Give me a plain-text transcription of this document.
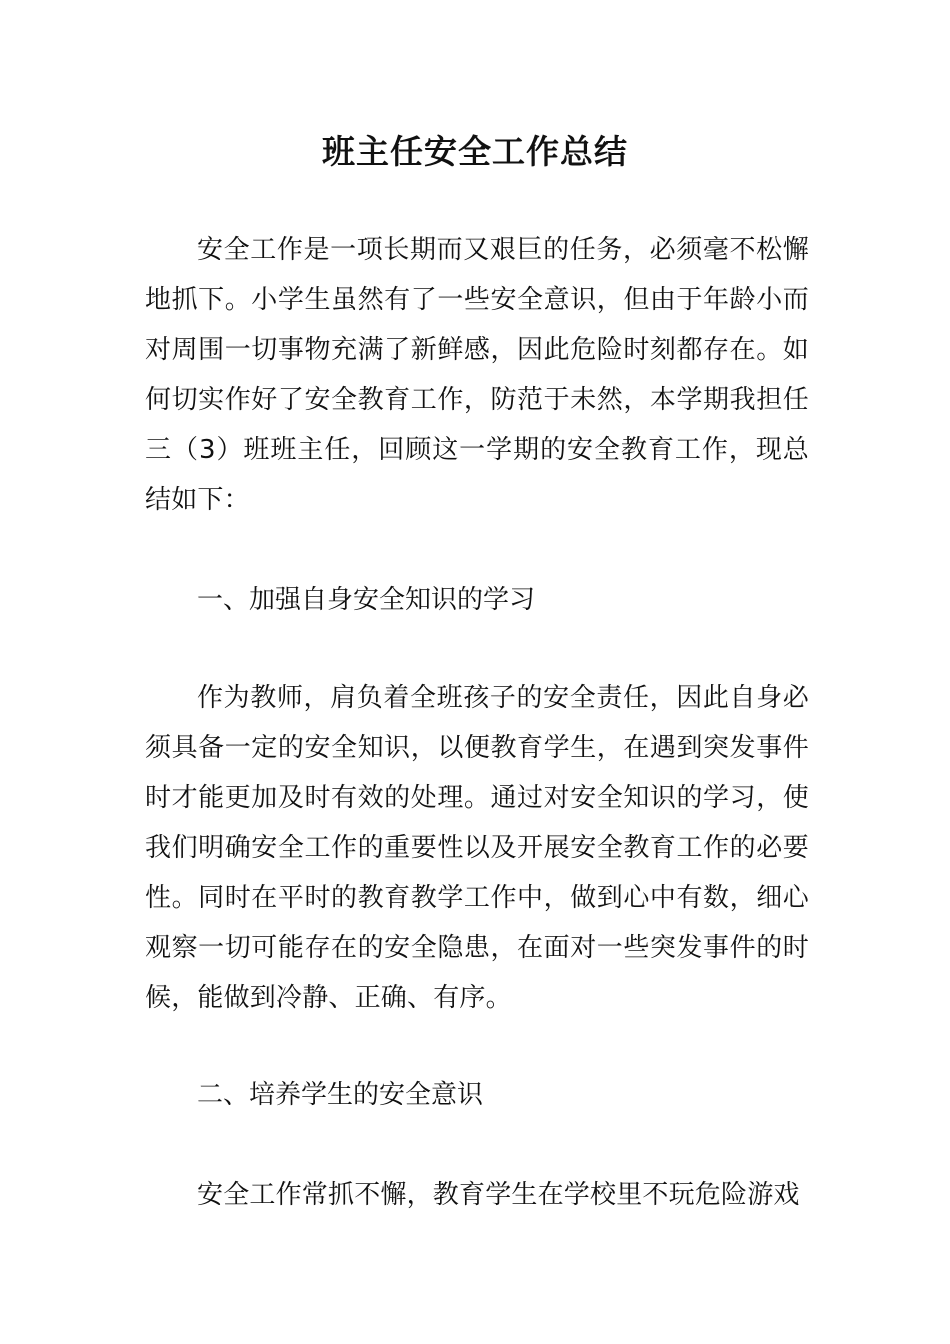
班主任安全工作总结

安全工作是一项长期而又艰巨的任务，必须毫不松懈地抓下。小学生虽然有了一些安全意识，但由于年龄小而对周围一切事物充满了新鲜感，因此危险时刻都存在。如何切实作好了安全教育工作，防范于未然，本学期我担任三（3）班班主任，回顾这一学期的安全教育工作，现总结如下：

一、加强自身安全知识的学习

作为教师，肩负着全班孩子的安全责任，因此自身必须具备一定的安全知识，以便教育学生，在遇到突发事件时才能更加及时有效的处理。通过对安全知识的学习，使我们明确安全工作的重要性以及开展安全教育工作的必要性。同时在平时的教育教学工作中，做到心中有数，细心观察一切可能存在的安全隐患，在面对一些突发事件的时候，能做到冷静、正确、有序。

二、培养学生的安全意识

安全工作常抓不懈，教育学生在学校里不玩危险游戏
